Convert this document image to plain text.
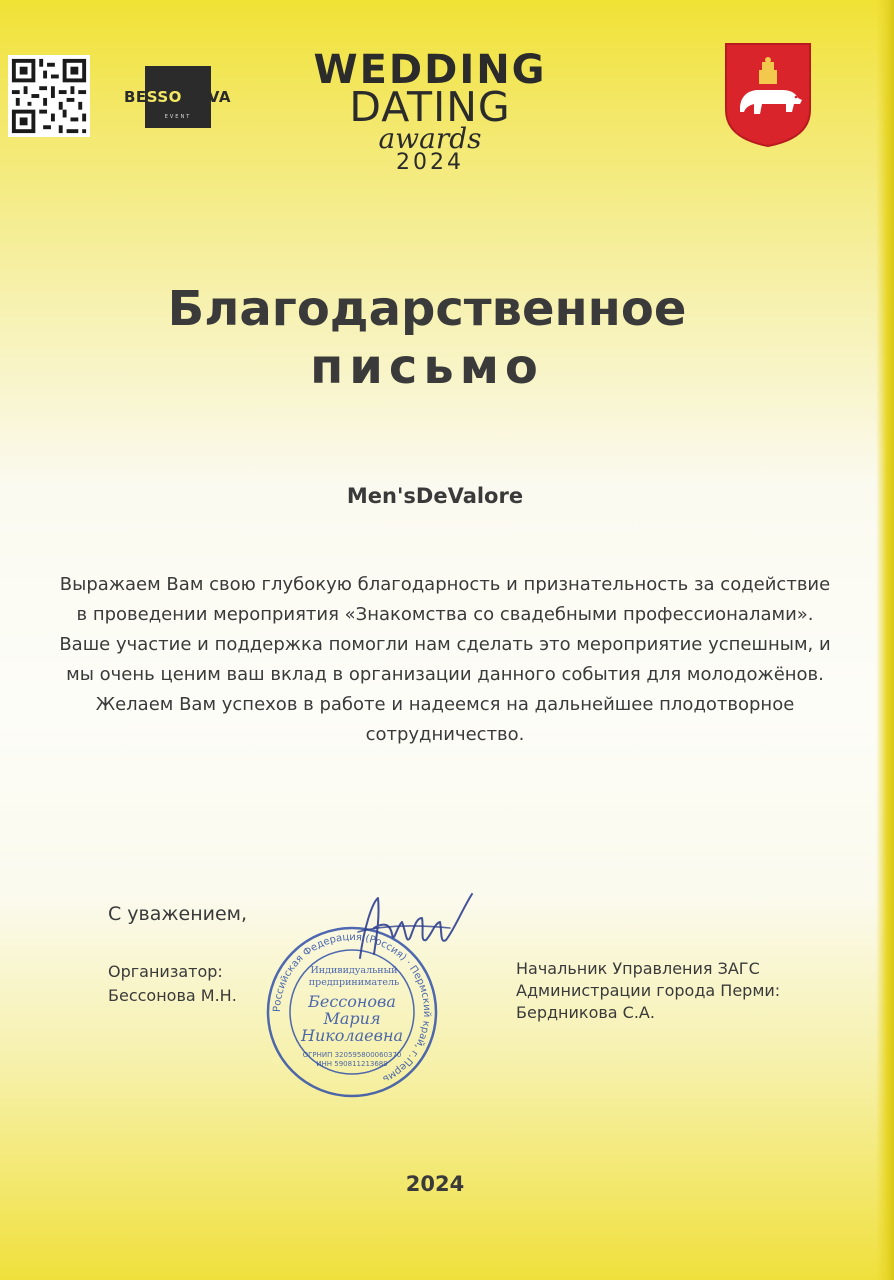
BESSONOVA
EVENT
WEDDING
DATING
awards
2024
Благодарственное
письмо
Men'sDeValore
Выражаем Вам свою глубокую благодарность и признательность за содействие в проведении мероприятия «Знакомства со свадебными профессионалами». Ваше участие и поддержка помогли нам сделать это мероприятие успешным, и мы очень ценим ваш вклад в организации данного события для молодожёнов. Желаем Вам успехов в работе и надеемся на дальнейшее плодотворное сотрудничество.
С уважением,
Организатор:
Бессонова М.Н.
Начальник Управления ЗАГС
Администрации города Перми:
Бердникова С.А.
Российская Федерация (Россия) · Пермский край, г.Пермь
Индивидуальный
предприниматель
Бессонова
Мария
Николаевна
ОГРНИП 320595800060370
ИНН 590811213689
2024
